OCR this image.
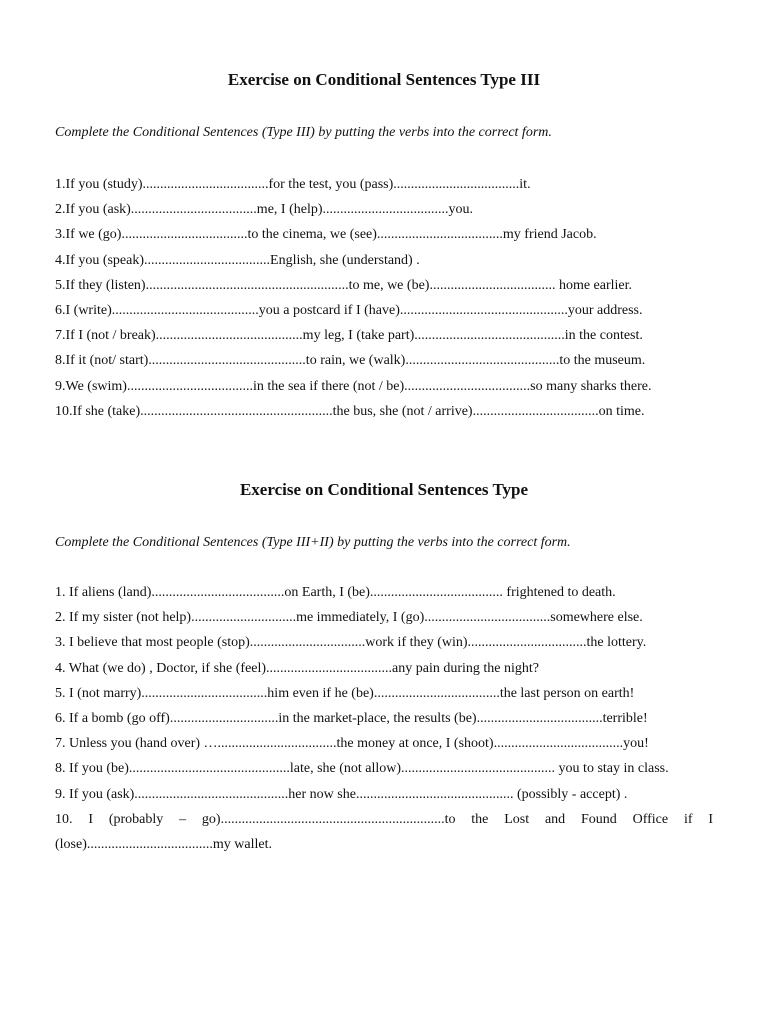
Exercise on Conditional Sentences Type III

Complete the Conditional Sentences (Type III) by putting the verbs into the correct form.

1.If you (study)....................................for the test, you (pass)....................................it.
2.If you (ask)....................................me, I (help)....................................you.
3.If we (go)....................................to the cinema, we (see)....................................my friend Jacob.
4.If you (speak)....................................English, she (understand) .
5.If they (listen)..........................................................to me, we (be).................................... home earlier.
6.I (write)..........................................you a postcard if I (have)................................................your address.
7.If I (not / break)..........................................my leg, I (take part)...........................................in the contest.
8.If it (not/ start).............................................to rain, we (walk)............................................to the museum.
9.We (swim)....................................in the sea if there (not / be)....................................so many sharks there.
10.If she (take).......................................................the bus, she (not / arrive)....................................on time.
Exercise on Conditional Sentences Type

Complete the Conditional Sentences (Type III+II) by putting the verbs into the correct form.

1. If aliens (land)......................................on Earth, I (be)...................................... frightened to death.
2. If my sister (not help)..............................me immediately, I (go)....................................somewhere else.
3. I believe that most people (stop).................................work if they (win)..................................the lottery.
4. What (we do) , Doctor, if she (feel)....................................any pain during the night?
5. I (not marry)....................................him even if he (be)....................................the last person on earth!
6. If a bomb (go off)...............................in the market-place, the results (be)....................................terrible!
7. Unless you (hand over) …..................................the money at once, I (shoot).....................................you!
8. If you (be)..............................................late, she (not allow)............................................ you to stay in class.
9. If you (ask)............................................her now she............................................. (possibly - accept) .
10. I (probably – go)................................................................to the Lost and Found Office if I (lose)....................................my wallet.
